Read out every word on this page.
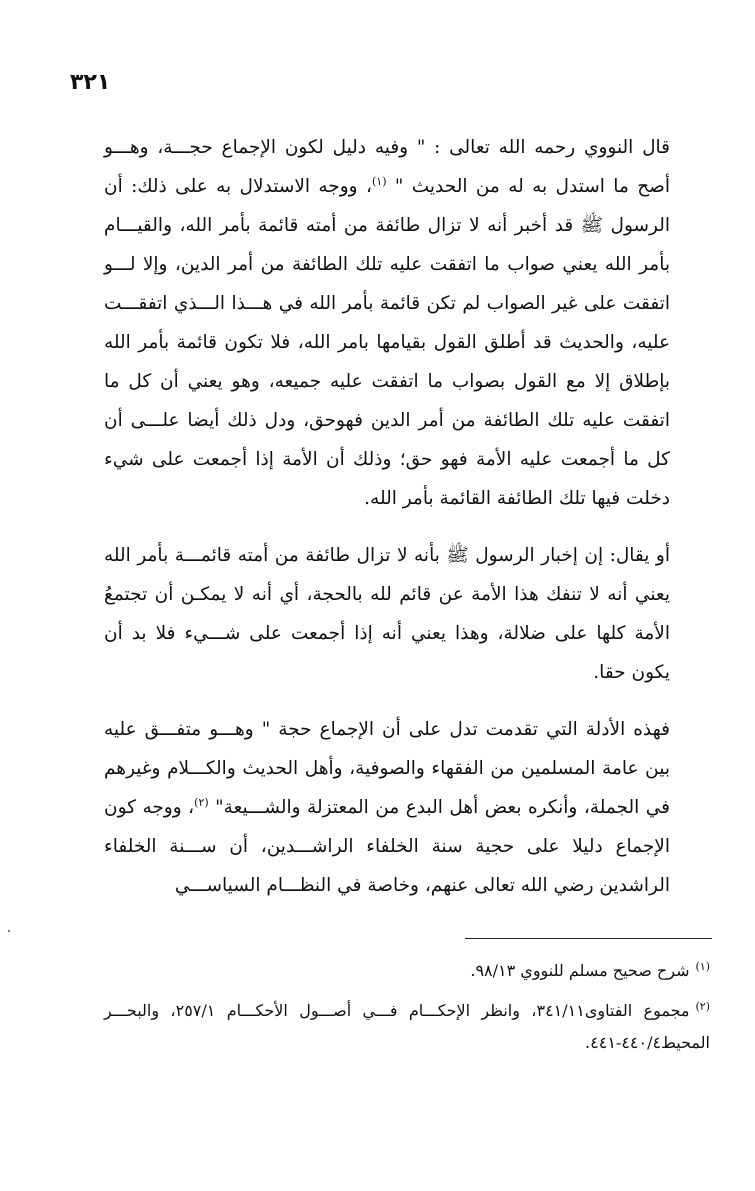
٣٢١

قال النووي رحمه الله تعالى : " وفيه دليل لكون الإجماع حجـــة، وهـــو أصح ما استدل به له من الحديث " $^{(١)}$، ووجه الاستدلال به على ذلك: أن الرسول ﷺ قد أخبر أنه لا تزال طائفة من أمته قائمة بأمر الله، والقيـــام بأمر الله يعني صواب ما اتفقت عليه تلك الطائفة من أمر الدين، وإلا لـــو اتفقت على غير الصواب لم تكن قائمة بأمر الله في هـــذا الـــذي اتفقـــت عليه، والحديث قد أطلق القول بقيامها بامر الله، فلا تكون قائمة بأمر الله بإطلاق إلا مع القول بصواب ما اتفقت عليه جميعه، وهو يعني أن كل ما اتفقت عليه تلك الطائفة من أمر الدين فهوحق، ودل ذلك أيضا علـــى أن كل ما أجمعت عليه الأمة فهو حق؛ وذلك أن الأمة إذا أجمعت على شيء دخلت فيها تلك الطائفة القائمة بأمر الله.

أو يقال: إن إخبار الرسول ﷺ بأنه لا تزال طائفة من أمته قائمـــة بأمر الله يعني أنه لا تنفك هذا الأمة عن قائم لله بالحجة، أي أنه لا يمكـن أن تجتمعُ الأمة كلها على ضلالة، وهذا يعني أنه إذا أجمعت على شـــيء فلا بد أن يكون حقا.

فهذه الأدلة التي تقدمت تدل على أن الإجماع حجة " وهـــو متفـــق عليه بين عامة المسلمين من الفقهاء والصوفية، وأهل الحديث والكـــلام وغيرهم في الجملة، وأنكره بعض أهل البدع من المعتزلة والشـــيعة" $^{(٢)}$، ووجه كون الإجماع دليلا على حجية سنة الخلفاء الراشـــدين، أن ســـنة الخلفاء الراشدين رضي الله تعالى عنهم، وخاصة في النظـــام السياســـي

$^{(١)}$شرح صحيح مسلم للنووي ٩٨/١٣.

$^{(٢)}$مجموع الفتاوى٣٤١/١١، وانظر الإحكـــام فـــي أصـــول الأحكـــام ٢٥٧/١، والبحـــر المحيط٤٤٠/٤-٤٤١.
